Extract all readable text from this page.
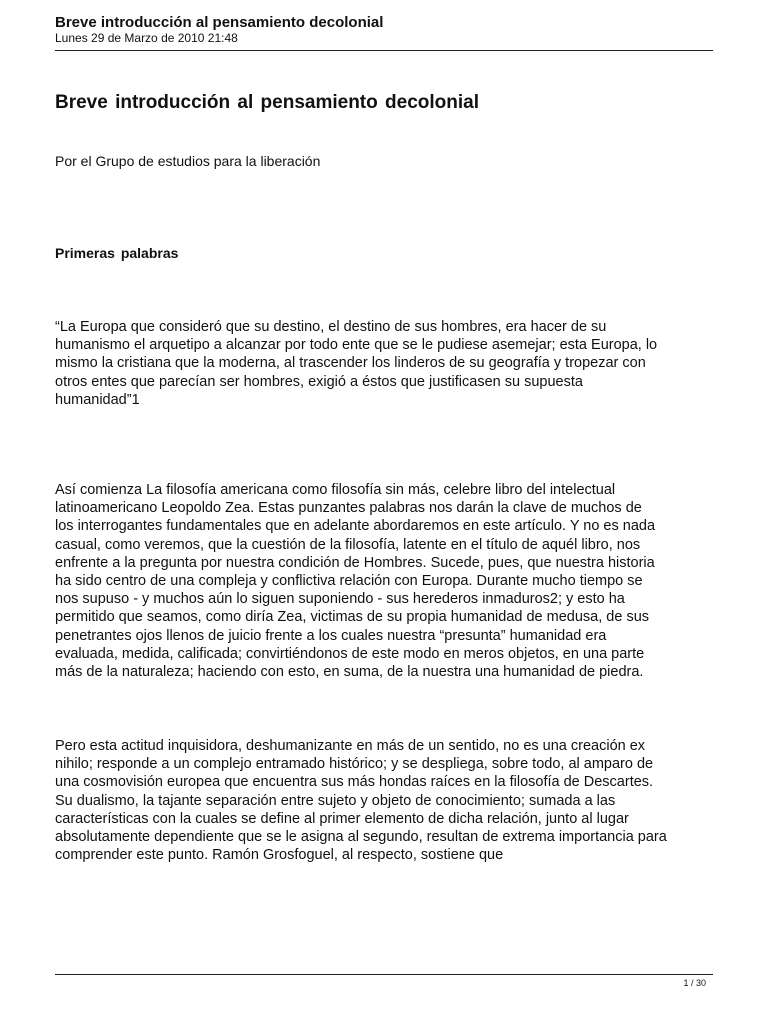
Breve introducción al pensamiento decolonial

Lunes 29 de Marzo de 2010 21:48

Breve introducción al pensamiento decolonial

Por el Grupo de estudios para la liberación

Primeras palabras

“La Europa que consideró que su destino, el destino de sus hombres, era hacer de su
humanismo el arquetipo a alcanzar por todo ente que se le pudiese asemejar; esta Europa, lo
mismo la cristiana que la moderna, al trascender los linderos de su geografía y tropezar con
otros entes que parecían ser hombres, exigió a éstos que justificasen su supuesta
humanidad”1

Así comienza La filosofía americana como filosofía sin más, celebre libro del intelectual
latinoamericano Leopoldo Zea. Estas punzantes palabras nos darán la clave de muchos de
los interrogantes fundamentales que en adelante abordaremos en este artículo. Y no es nada
casual, como veremos, que la cuestión de la filosofía, latente en el título de aquél libro, nos
enfrente a la pregunta por nuestra condición de Hombres. Sucede, pues, que nuestra historia
ha sido centro de una compleja y conflictiva relación con Europa. Durante mucho tiempo se
nos supuso - y muchos aún lo siguen suponiendo - sus herederos inmaduros2; y esto ha
permitido que seamos, como diría Zea, victimas de su propia humanidad de medusa, de sus
penetrantes ojos llenos de juicio frente a los cuales nuestra “presunta” humanidad era
evaluada, medida, calificada; convirtiéndonos de este modo en meros objetos, en una parte
más de la naturaleza; haciendo con esto, en suma, de la nuestra una humanidad de piedra.

Pero esta actitud inquisidora, deshumanizante en más de un sentido, no es una creación ex
nihilo; responde a un complejo entramado histórico; y se despliega, sobre todo, al amparo de
una cosmovisión europea que encuentra sus más hondas raíces en la filosofía de Descartes.
Su dualismo, la tajante separación entre sujeto y objeto de conocimiento; sumada a las
características con la cuales se define al primer elemento de dicha relación, junto al lugar
absolutamente dependiente que se le asigna al segundo, resultan de extrema importancia para
comprender este punto. Ramón Grosfoguel, al respecto, sostiene que

1 / 30
